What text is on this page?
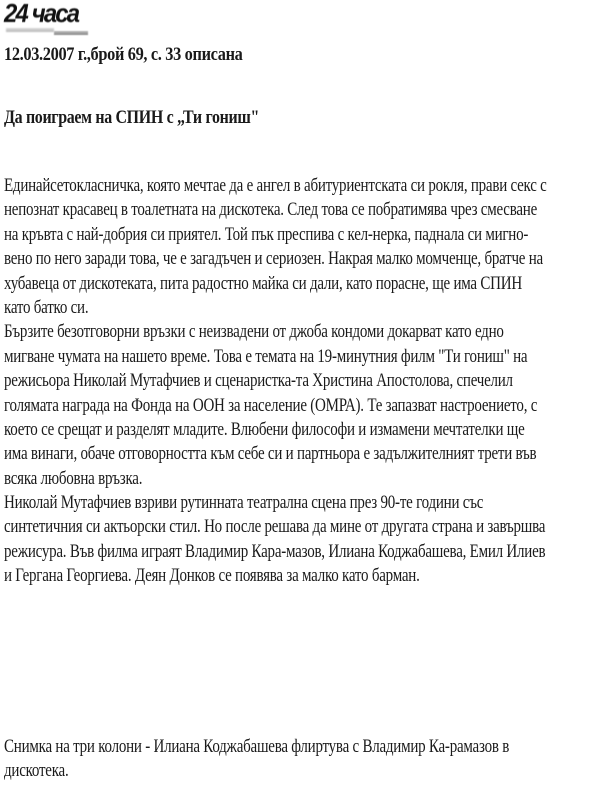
24 часа
12.03.2007 г.,брой 69, с. 33 описана
Да поиграем на СПИН с „Ти гониш"
Единайсетокласничка, която мечтае да е ангел в абитуриентската си рокля, прави секс с
непознат красавец в тоалетната на дискотека. След това се побратимява чрез смесване
на кръвта с най-добрия си приятел. Той пък преспива с кел-нерка, паднала си мигно-
вено по него заради това, че е загадъчен и сериозен. Накрая малко момченце, братче на
хубавеца от дискотеката, пита радостно майка си дали, като порасне, ще има СПИН
като батко си.
Бързите безотговорни връзки с неизвадени от джоба кондоми докарват като едно
мигване чумата на нашето време. Това е темата на 19-минутния филм "Ти гониш" на
режисьора Николай Мутафчиев и сценаристка-та Христина Апостолова, спечелил
голямата награда на Фонда на ООН за население (ОМРА). Те запазват настроението, с
което се срещат и разделят младите. Влюбени философи и измамени мечтателки ще
има винаги, обаче отговорността към себе си и партньора е задължителният трети във
всяка любовна връзка.
Николай Мутафчиев взриви рутинната театрална сцена през 90-те години със
синтетичния си актьорски стил. Но после решава да мине от другата страна и завършва
режисура. Във филма играят Владимир Кара-мазов, Илиана Коджабашева, Емил Илиев
и Гергана Георгиева. Деян Донков се появява за малко като барман.
Снимка на три колони - Илиана Коджабашева флиртува с Владимир Ка-рамазов в
дискотека.
